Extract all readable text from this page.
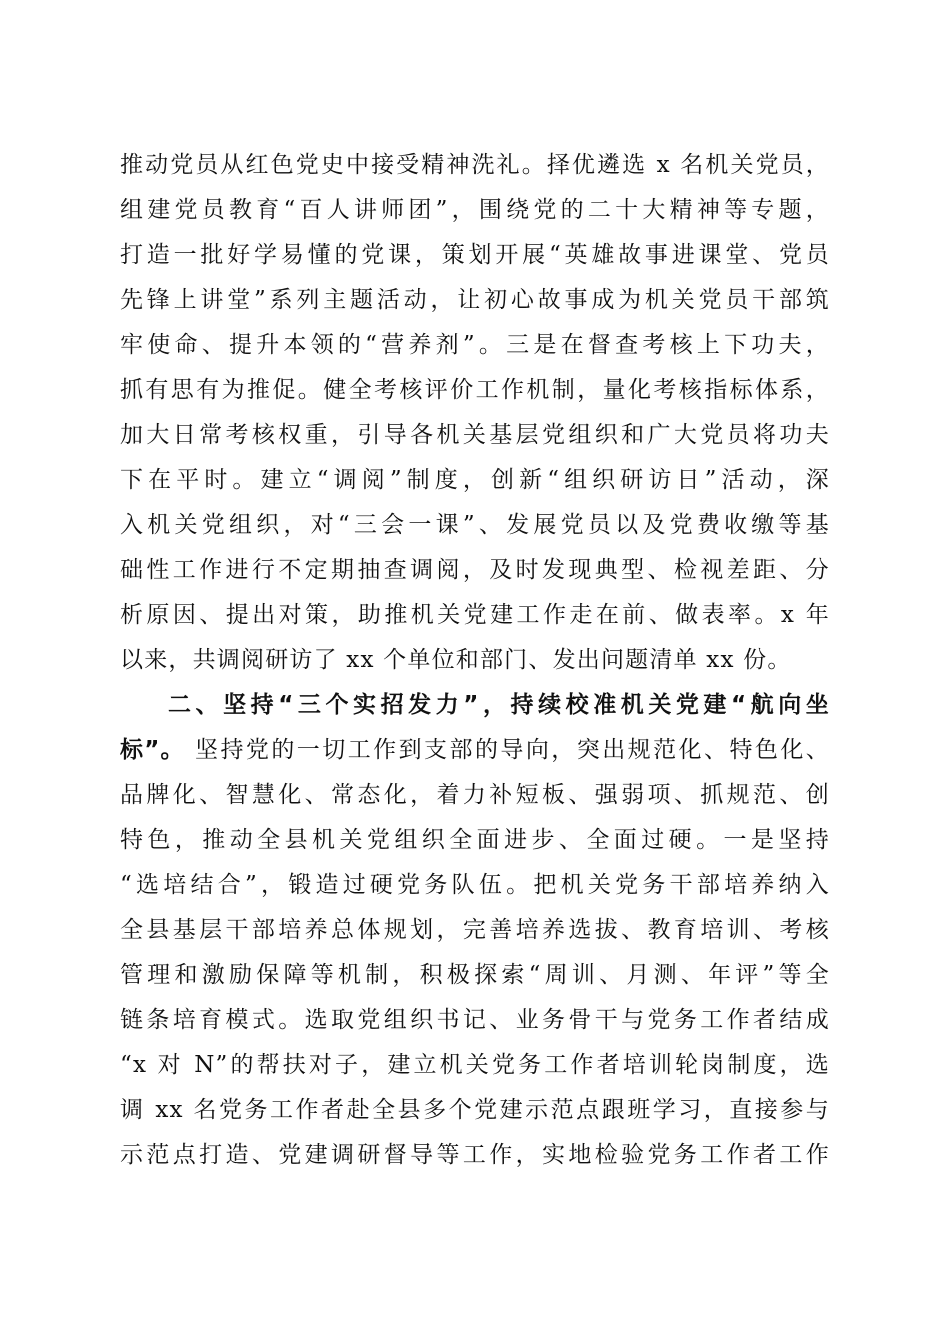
推动党员从红色党史中接受精神洗礼。择优遴选 x 名机关党员，
组建党员教育“百人讲师团”，围绕党的二十大精神等专题，
打造一批好学易懂的党课，策划开展“英雄故事进课堂、党员
先锋上讲堂”系列主题活动，让初心故事成为机关党员干部筑
牢使命、提升本领的“营养剂”。三是在督查考核上下功夫，
抓有思有为推促。健全考核评价工作机制，量化考核指标体系，
加大日常考核权重，引导各机关基层党组织和广大党员将功夫
下在平时。建立“调阅”制度，创新“组织研访日”活动，深
入机关党组织，对“三会一课”、发展党员以及党费收缴等基
础性工作进行不定期抽查调阅，及时发现典型、检视差距、分
析原因、提出对策，助推机关党建工作走在前、做表率。x 年
以来，共调阅研访了 xx 个单位和部门、发出问题清单 xx 份。
二、坚持“三个实招发力”，持续校准机关党建“航向坐
标”。 坚持党的一切工作到支部的导向，突出规范化、特色化、
品牌化、智慧化、常态化，着力补短板、强弱项、抓规范、创
特色，推动全县机关党组织全面进步、全面过硬。一是坚持
“选培结合”，锻造过硬党务队伍。把机关党务干部培养纳入
全县基层干部培养总体规划，完善培养选拔、教育培训、考核
管理和激励保障等机制，积极探索“周训、月测、年评”等全
链条培育模式。选取党组织书记、业务骨干与党务工作者结成
“x 对 N”的帮扶对子，建立机关党务工作者培训轮岗制度，选
调 xx 名党务工作者赴全县多个党建示范点跟班学习，直接参与
示范点打造、党建调研督导等工作，实地检验党务工作者工作
